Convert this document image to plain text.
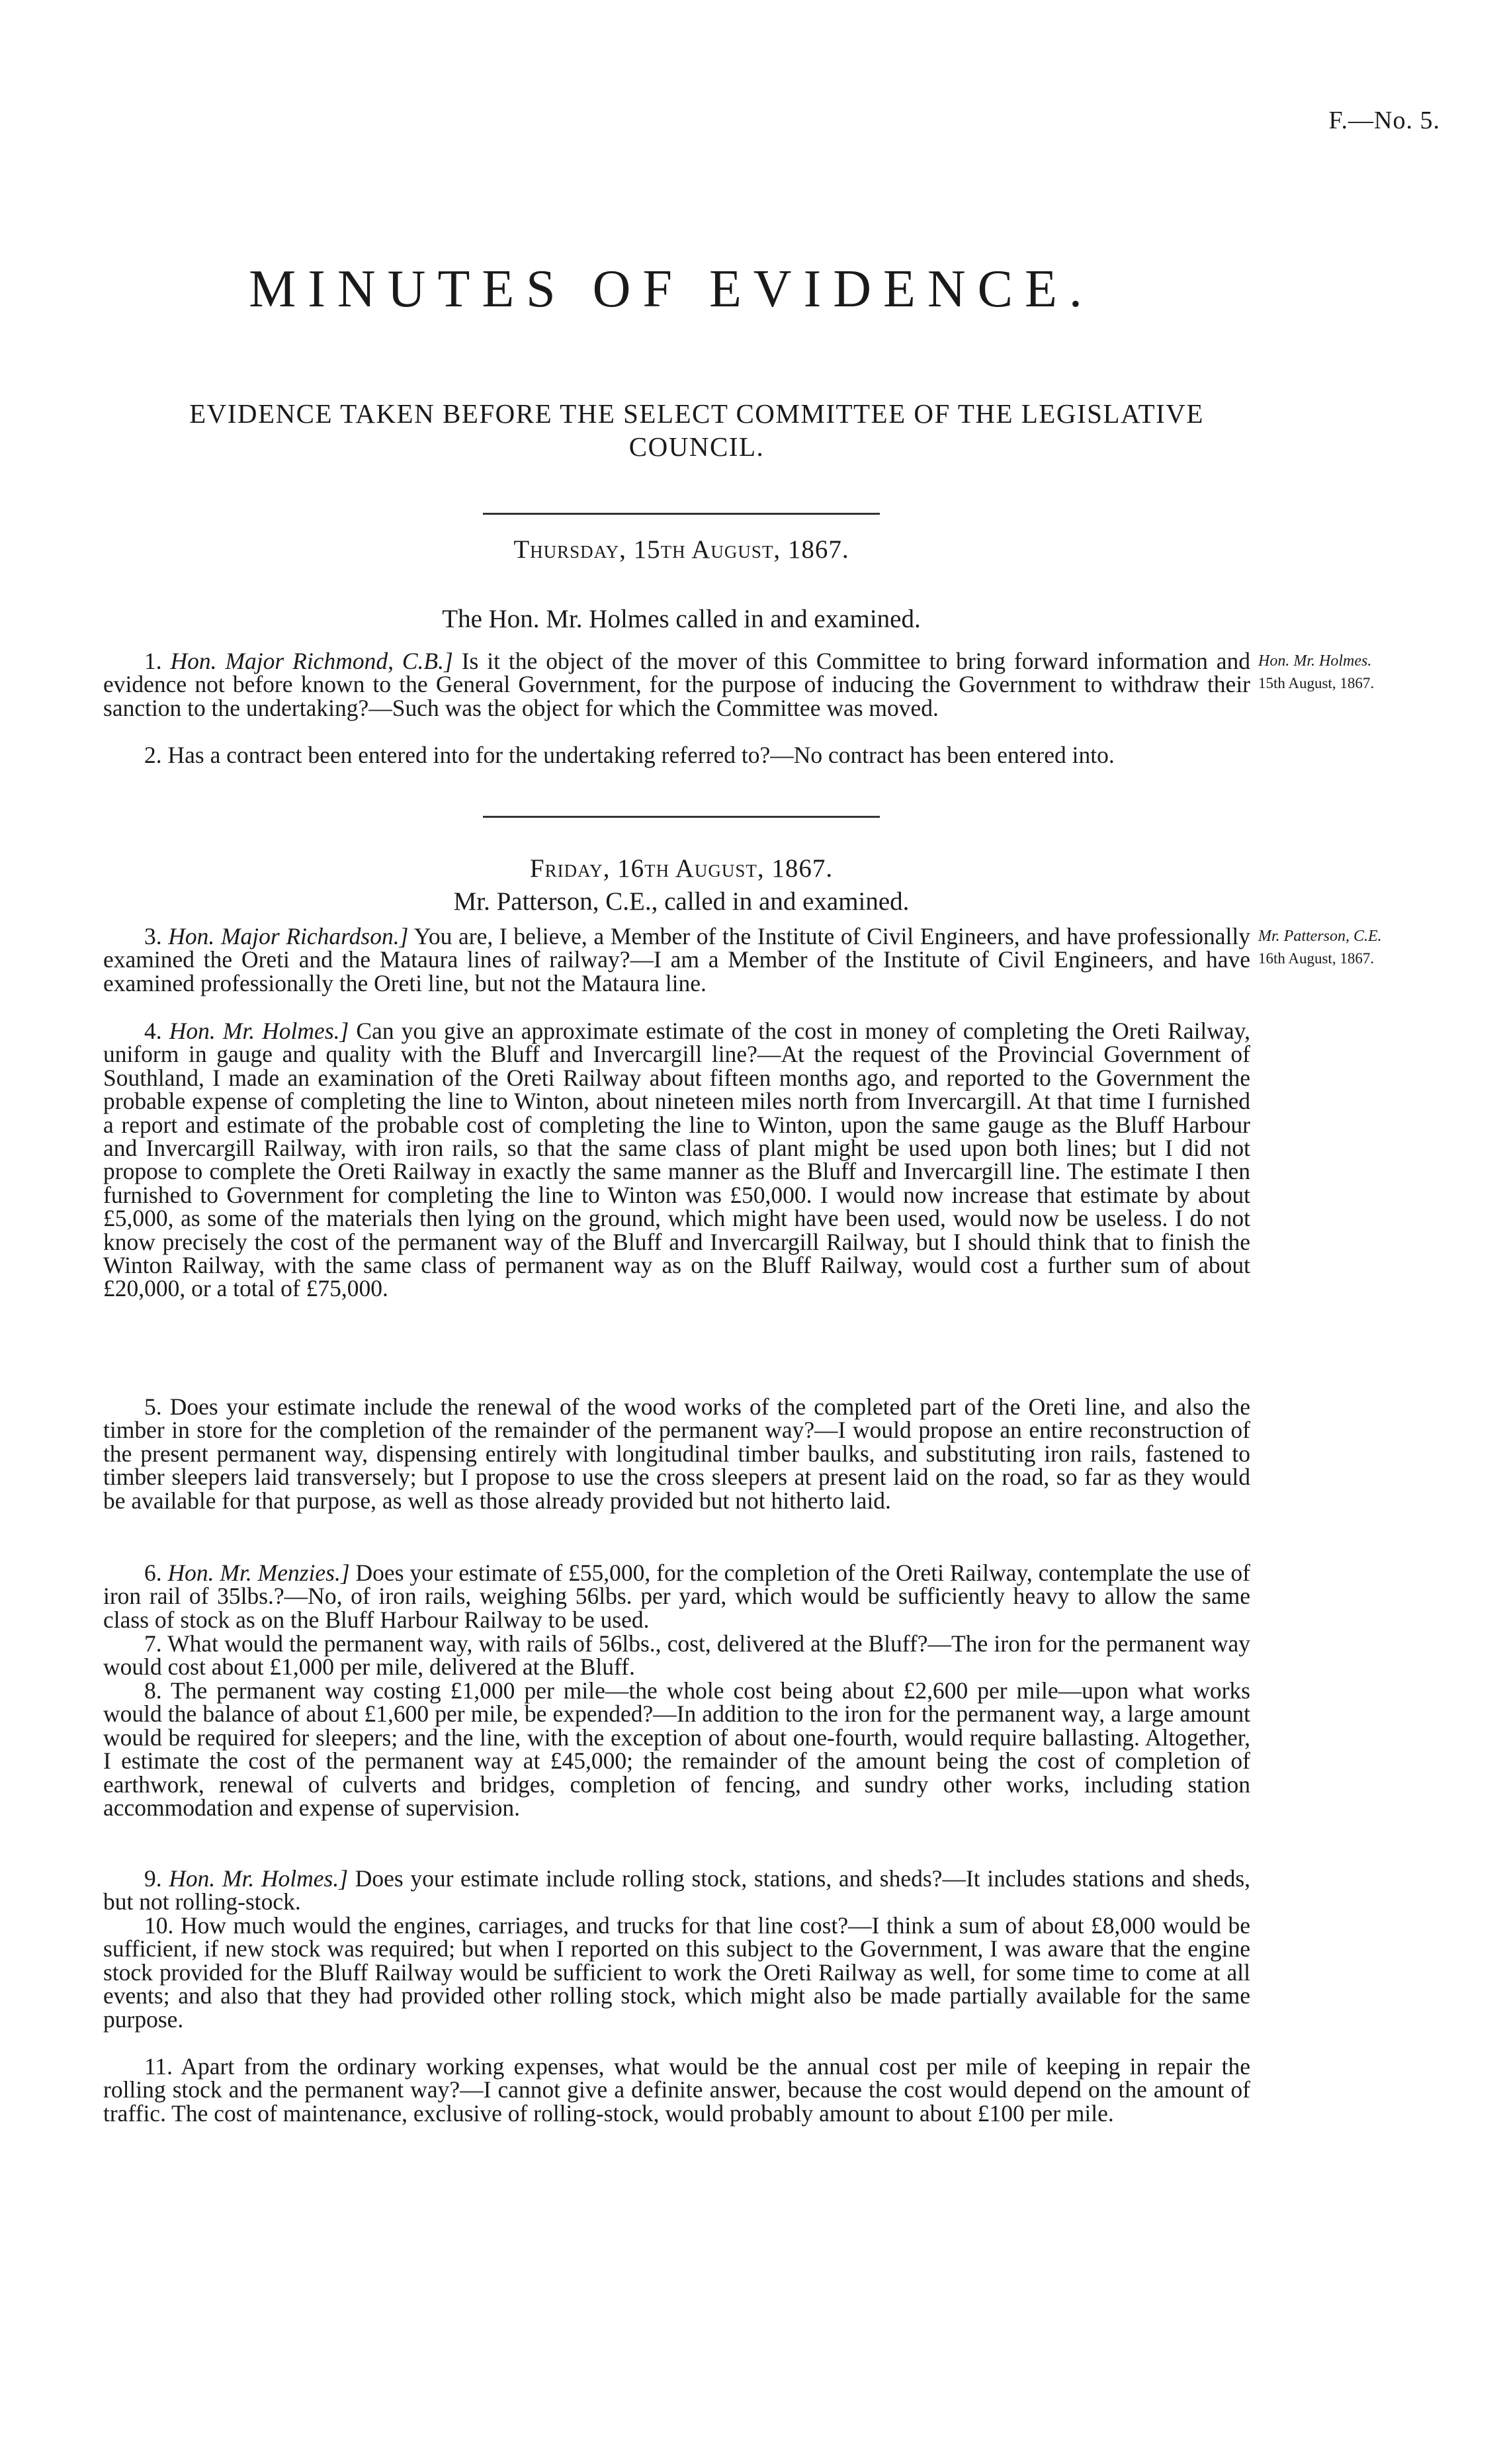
F.—No. 5.
MINUTES OF EVIDENCE.
EVIDENCE TAKEN BEFORE THE SELECT COMMITTEE OF THE LEGISLATIVE COUNCIL.
Thursday, 15th August, 1867.
The Hon. Mr. Holmes called in and examined.
Hon. Mr. Holmes.
15th August, 1867.
1. Hon. Major Richmond, C.B.] Is it the object of the mover of this Committee to bring forward information and evidence not before known to the General Government, for the purpose of inducing the Government to withdraw their sanction to the undertaking?—Such was the object for which the Committee was moved.
2. Has a contract been entered into for the undertaking referred to?—No contract has been entered into.
Friday, 16th August, 1867.
Mr. Patterson, C.E., called in and examined.
Mr. Patterson, C.E.
16th August, 1867.
3. Hon. Major Richardson.] You are, I believe, a Member of the Institute of Civil Engineers, and have professionally examined the Oreti and the Mataura lines of railway?—I am a Member of the Institute of Civil Engineers, and have examined professionally the Oreti line, but not the Mataura line.
4. Hon. Mr. Holmes.] Can you give an approximate estimate of the cost in money of completing the Oreti Railway, uniform in gauge and quality with the Bluff and Invercargill line?—At the request of the Provincial Government of Southland, I made an examination of the Oreti Railway about fifteen months ago, and reported to the Government the probable expense of completing the line to Winton, about nineteen miles north from Invercargill. At that time I furnished a report and estimate of the probable cost of completing the line to Winton, upon the same gauge as the Bluff Harbour and Invercargill Railway, with iron rails, so that the same class of plant might be used upon both lines; but I did not propose to complete the Oreti Railway in exactly the same manner as the Bluff and Invercargill line. The estimate I then furnished to Government for completing the line to Winton was £50,000. I would now increase that estimate by about £5,000, as some of the materials then lying on the ground, which might have been used, would now be useless. I do not know precisely the cost of the permanent way of the Bluff and Invercargill Railway, but I should think that to finish the Winton Railway, with the same class of permanent way as on the Bluff Railway, would cost a further sum of about £20,000, or a total of £75,000.
5. Does your estimate include the renewal of the wood works of the completed part of the Oreti line, and also the timber in store for the completion of the remainder of the permanent way?—I would propose an entire reconstruction of the present permanent way, dispensing entirely with longitudinal timber baulks, and substituting iron rails, fastened to timber sleepers laid transversely; but I propose to use the cross sleepers at present laid on the road, so far as they would be available for that purpose, as well as those already provided but not hitherto laid.
6. Hon. Mr. Menzies.] Does your estimate of £55,000, for the completion of the Oreti Railway, contemplate the use of iron rail of 35lbs.?—No, of iron rails, weighing 56lbs. per yard, which would be sufficiently heavy to allow the same class of stock as on the Bluff Harbour Railway to be used.
7. What would the permanent way, with rails of 56lbs., cost, delivered at the Bluff?—The iron for the permanent way would cost about £1,000 per mile, delivered at the Bluff.
8. The permanent way costing £1,000 per mile—the whole cost being about £2,600 per mile—upon what works would the balance of about £1,600 per mile, be expended?—In addition to the iron for the permanent way, a large amount would be required for sleepers; and the line, with the exception of about one-fourth, would require ballasting. Altogether, I estimate the cost of the permanent way at £45,000; the remainder of the amount being the cost of completion of earthwork, renewal of culverts and bridges, completion of fencing, and sundry other works, including station accommodation and expense of supervision.
9. Hon. Mr. Holmes.] Does your estimate include rolling stock, stations, and sheds?—It includes stations and sheds, but not rolling-stock.
10. How much would the engines, carriages, and trucks for that line cost?—I think a sum of about £8,000 would be sufficient, if new stock was required; but when I reported on this subject to the Government, I was aware that the engine stock provided for the Bluff Railway would be sufficient to work the Oreti Railway as well, for some time to come at all events; and also that they had provided other rolling stock, which might also be made partially available for the same purpose.
11. Apart from the ordinary working expenses, what would be the annual cost per mile of keeping in repair the rolling stock and the permanent way?—I cannot give a definite answer, because the cost would depend on the amount of traffic. The cost of maintenance, exclusive of rolling-stock, would probably amount to about £100 per mile.
